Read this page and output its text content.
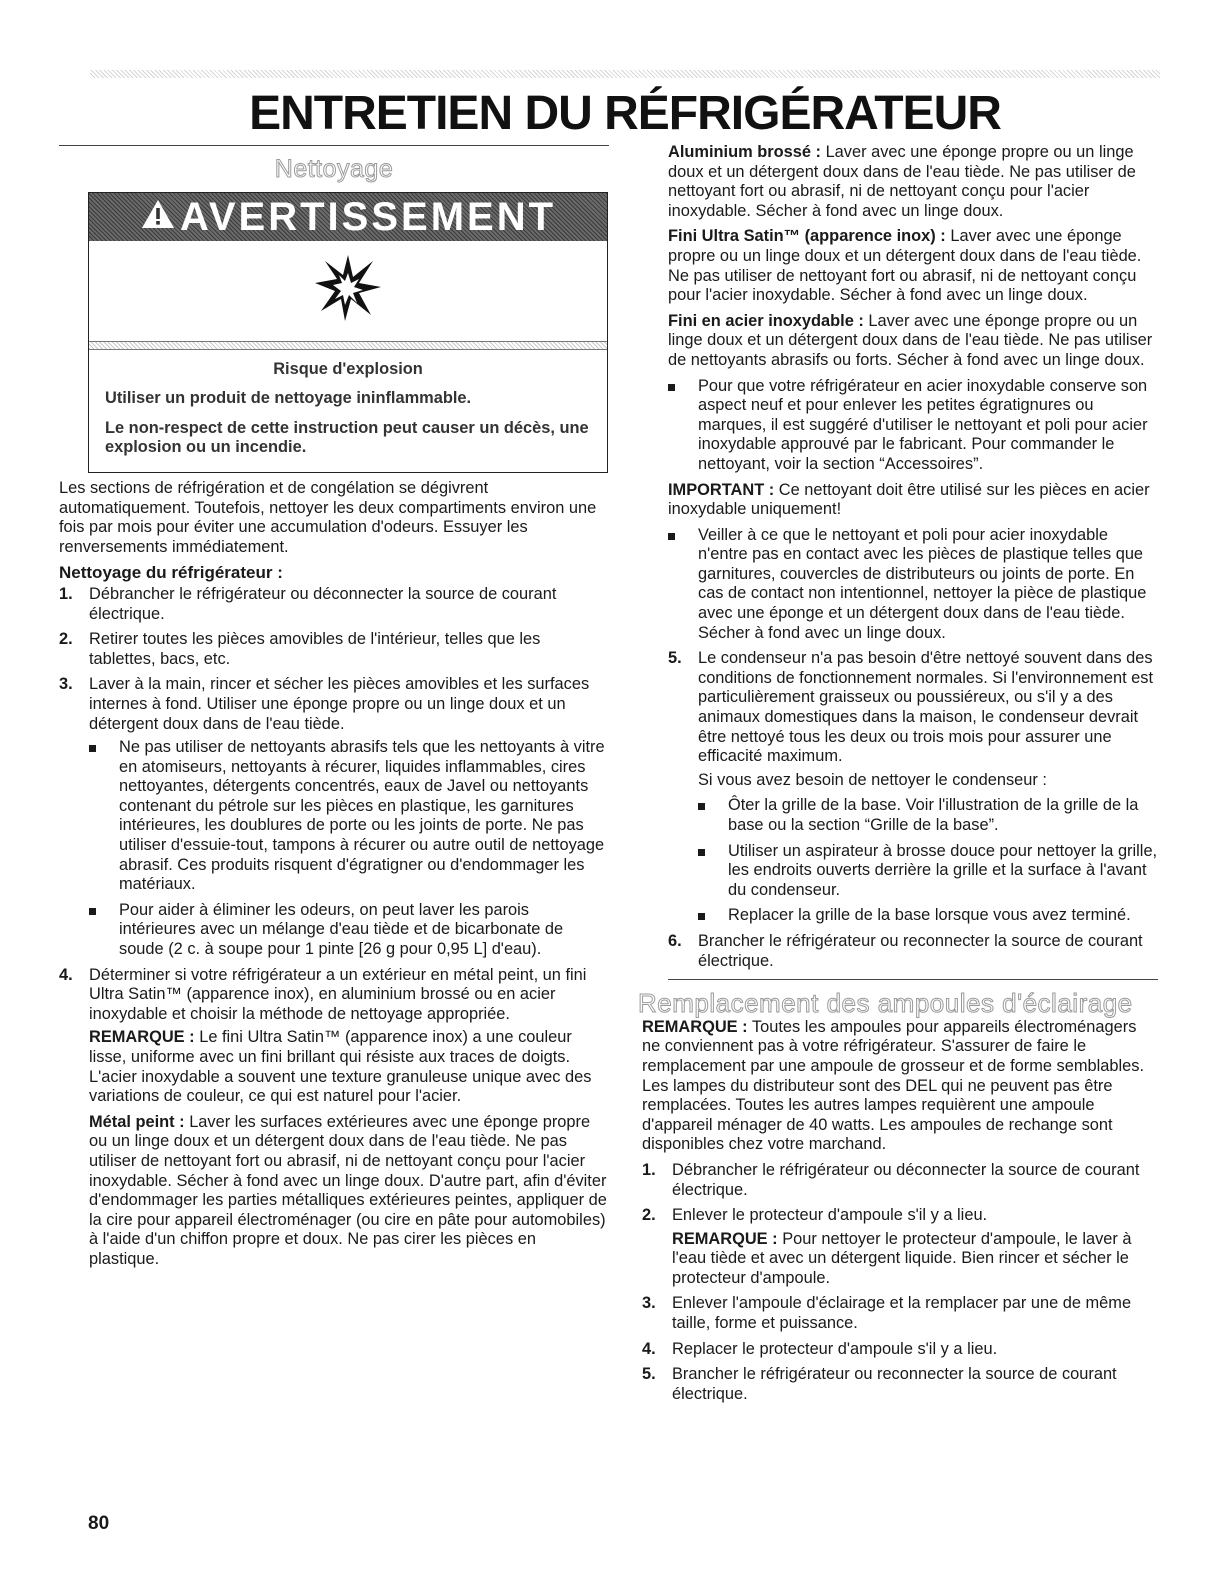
ENTRETIEN DU RÉFRIGÉRATEUR
Nettoyage
AVERTISSEMENT

Risque d'explosion

Utiliser un produit de nettoyage ininflammable.

Le non-respect de cette instruction peut causer un décès, une explosion ou un incendie.

Les sections de réfrigération et de congélation se dégivrent automatiquement. Toutefois, nettoyer les deux compartiments environ une fois par mois pour éviter une accumulation d'odeurs. Essuyer les renversements immédiatement.

Nettoyage du réfrigérateur :
1. Débrancher le réfrigérateur ou déconnecter la source de courant électrique.
2. Retirer toutes les pièces amovibles de l'intérieur, telles que les tablettes, bacs, etc.
3. Laver à la main, rincer et sécher les pièces amovibles et les surfaces internes à fond. Utiliser une éponge propre ou un linge doux et un détergent doux dans de l'eau tiède.
Ne pas utiliser de nettoyants abrasifs tels que les nettoyants à vitre en atomiseurs, nettoyants à récurer, liquides inflammables, cires nettoyantes, détergents concentrés, eaux de Javel ou nettoyants contenant du pétrole sur les pièces en plastique, les garnitures intérieures, les doublures de porte ou les joints de porte. Ne pas utiliser d'essuie-tout, tampons à récurer ou autre outil de nettoyage abrasif. Ces produits risquent d'égratigner ou d'endommager les matériaux.
Pour aider à éliminer les odeurs, on peut laver les parois intérieures avec un mélange d'eau tiède et de bicarbonate de soude (2 c. à soupe pour 1 pinte [26 g pour 0,95 L] d'eau).
4. Déterminer si votre réfrigérateur a un extérieur en métal peint, un fini Ultra Satin™ (apparence inox), en aluminium brossé ou en acier inoxydable et choisir la méthode de nettoyage appropriée.

REMARQUE : Le fini Ultra Satin™ (apparence inox) a une couleur lisse, uniforme avec un fini brillant qui résiste aux traces de doigts. L'acier inoxydable a souvent une texture granuleuse unique avec des variations de couleur, ce qui est naturel pour l'acier.

Métal peint : Laver les surfaces extérieures avec une éponge propre ou un linge doux et un détergent doux dans de l'eau tiède. Ne pas utiliser de nettoyant fort ou abrasif, ni de nettoyant conçu pour l'acier inoxydable. Sécher à fond avec un linge doux. D'autre part, afin d'éviter d'endommager les parties métalliques extérieures peintes, appliquer de la cire pour appareil électroménager (ou cire en pâte pour automobiles) à l'aide d'un chiffon propre et doux. Ne pas cirer les pièces en plastique.

Aluminium brossé : Laver avec une éponge propre ou un linge doux et un détergent doux dans de l'eau tiède. Ne pas utiliser de nettoyant fort ou abrasif, ni de nettoyant conçu pour l'acier inoxydable. Sécher à fond avec un linge doux.

Fini Ultra Satin™ (apparence inox) : Laver avec une éponge propre ou un linge doux et un détergent doux dans de l'eau tiède. Ne pas utiliser de nettoyant fort ou abrasif, ni de nettoyant conçu pour l'acier inoxydable. Sécher à fond avec un linge doux.

Fini en acier inoxydable : Laver avec une éponge propre ou un linge doux et un détergent doux dans de l'eau tiède. Ne pas utiliser de nettoyants abrasifs ou forts. Sécher à fond avec un linge doux.

Pour que votre réfrigérateur en acier inoxydable conserve son aspect neuf et pour enlever les petites égratignures ou marques, il est suggéré d'utiliser le nettoyant et poli pour acier inoxydable approuvé par le fabricant. Pour commander le nettoyant, voir la section “Accessoires”.

IMPORTANT : Ce nettoyant doit être utilisé sur les pièces en acier inoxydable uniquement!

Veiller à ce que le nettoyant et poli pour acier inoxydable n'entre pas en contact avec les pièces de plastique telles que garnitures, couvercles de distributeurs ou joints de porte. En cas de contact non intentionnel, nettoyer la pièce de plastique avec une éponge et un détergent doux dans de l'eau tiède. Sécher à fond avec un linge doux.
5. Le condenseur n'a pas besoin d'être nettoyé souvent dans des conditions de fonctionnement normales. Si l'environnement est particulièrement graisseux ou poussiéreux, ou s'il y a des animaux domestiques dans la maison, le condenseur devrait être nettoyé tous les deux ou trois mois pour assurer une efficacité maximum.

Si vous avez besoin de nettoyer le condenseur :

Ôter la grille de la base. Voir l'illustration de la grille de la base ou la section “Grille de la base”.
Utiliser un aspirateur à brosse douce pour nettoyer la grille, les endroits ouverts derrière la grille et la surface à l'avant du condenseur.
Replacer la grille de la base lorsque vous avez terminé.
6. Brancher le réfrigérateur ou reconnecter la source de courant électrique.
Remplacement des ampoules d'éclairage

REMARQUE : Toutes les ampoules pour appareils électroménagers ne conviennent pas à votre réfrigérateur. S'assurer de faire le remplacement par une ampoule de grosseur et de forme semblables. Les lampes du distributeur sont des DEL qui ne peuvent pas être remplacées. Toutes les autres lampes requièrent une ampoule d'appareil ménager de 40 watts. Les ampoules de rechange sont disponibles chez votre marchand.

1. Débrancher le réfrigérateur ou déconnecter la source de courant électrique.
2. Enlever le protecteur d'ampoule s'il y a lieu.

REMARQUE : Pour nettoyer le protecteur d'ampoule, le laver à l'eau tiède et avec un détergent liquide. Bien rincer et sécher le protecteur d'ampoule.

3. Enlever l'ampoule d'éclairage et la remplacer par une de même taille, forme et puissance.
4. Replacer le protecteur d'ampoule s'il y a lieu.
5. Brancher le réfrigérateur ou reconnecter la source de courant électrique.
80
